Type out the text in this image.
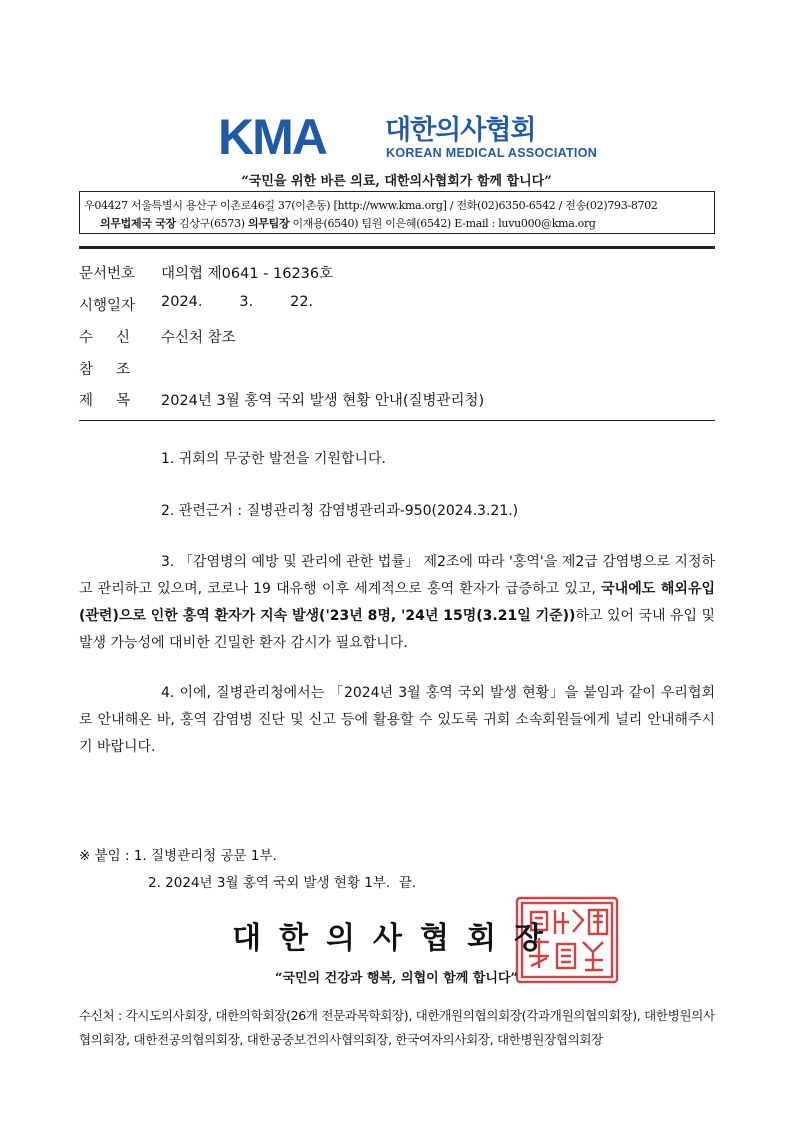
KMA 대한의사협회
KOREAN MEDICAL ASSOCIATION
“국민을 위한 바른 의료, 대한의사협회가 함께 합니다”
우04427 서울특별시 용산구 이촌로46길 37(이촌동) [http://www.kma.org] / 전화(02)6350-6542 / 전송(02)793-8702
의무법제국 국장 김상구(6573) 의무팀장 이재용(6540) 팀원 이은혜(6542) E-mail : luvu000@kma.org
문서번호 대의협 제0641 - 16236호
시행일자 2024.        3.        22.
수     신 수신처 참조
참     조
제     목 2024년 3월 홍역 국외 발생 현황 안내(질병관리청)
1. 귀회의 무궁한 발전을 기원합니다.
2. 관련근거 : 질병관리청 감염병관리과-950(2024.3.21.)
3. 「감염병의 예방 및 관리에 관한 법률」 제2조에 따라 '홍역'을 제2급 감염병으로 지정하고 관리하고 있으며, 코로나 19 대유행 이후 세계적으로 홍역 환자가 급증하고 있고, 국내에도 해외유입(관련)으로 인한 홍역 환자가 지속 발생('23년 8명, '24년 15명(3.21일 기준))하고 있어 국내 유입 및 발생 가능성에 대비한 긴밀한 환자 감시가 필요합니다.
4. 이에, 질병관리청에서는 「2024년 3월 홍역 국외 발생 현황」을 붙임과 같이 우리협회로 안내해온 바, 홍역 감염병 진단 및 신고 등에 활용할 수 있도록 귀회 소속회원들에게 널리 안내해주시기 바랍니다.
※ 붙임 : 1. 질병관리청 공문 1부.
2. 2024년 3월 홍역 국외 발생 현황 1부.  끝.
대한의사협회장
“국민의 건강과 행복, 의협이 함께 합니다”
수신처 : 각시도의사회장, 대한의학회장(26개 전문과목학회장), 대한개원의협의회장(각과개원의협의회장), 대한병원의사협의회장, 대한전공의협의회장, 대한공중보건의사협의회장, 한국여자의사회장, 대한병원장협의회장
